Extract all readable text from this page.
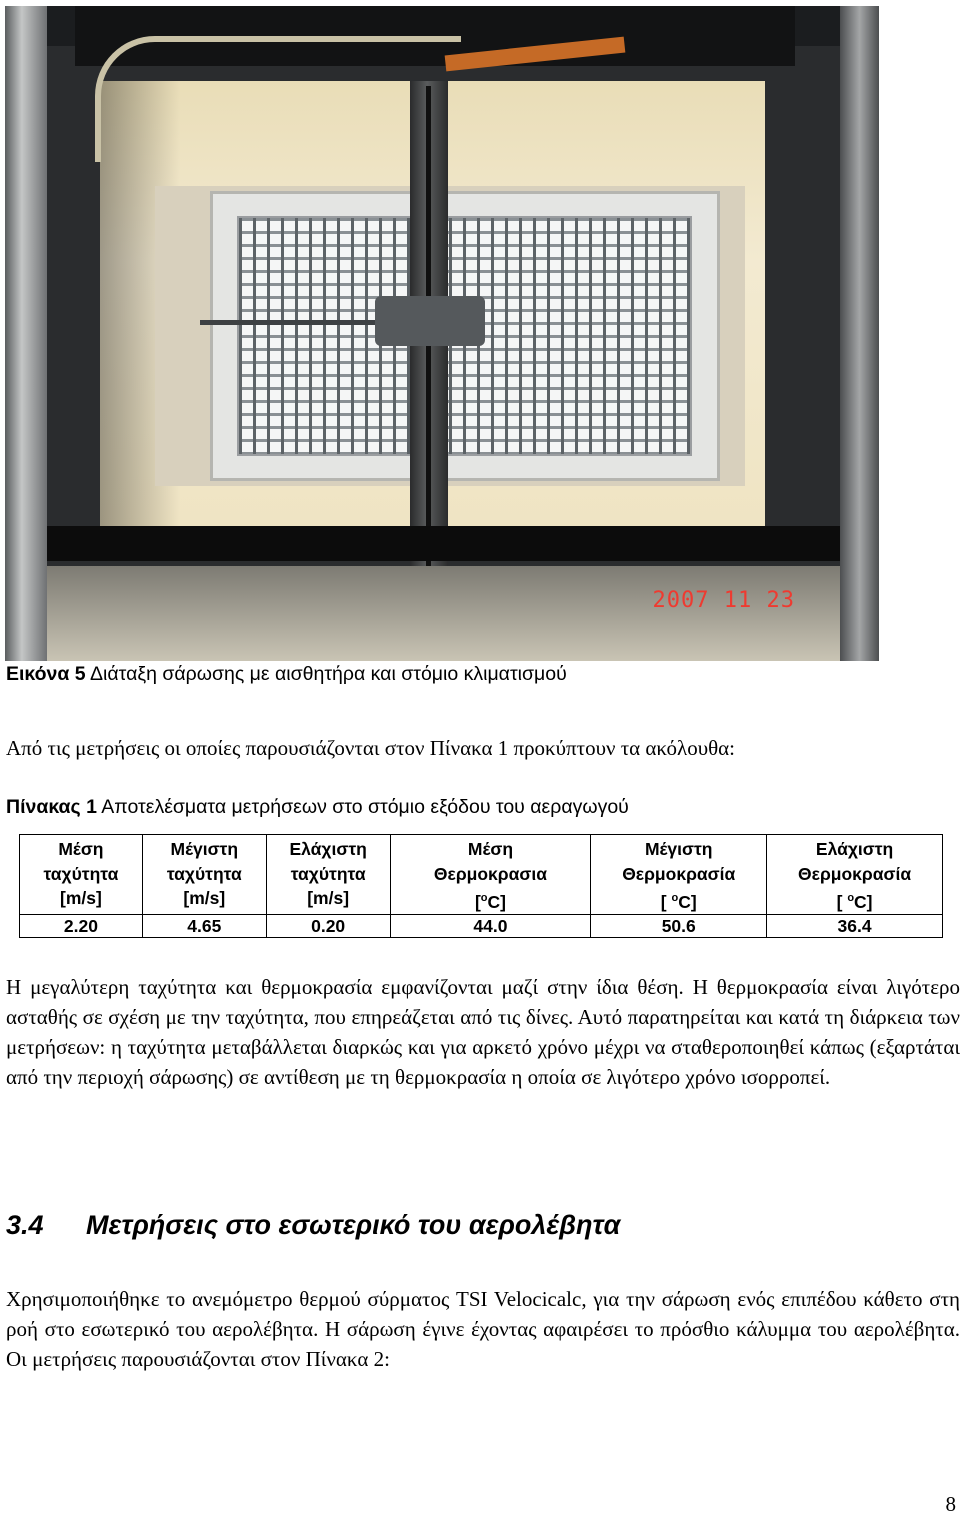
2007 11 23
Εικόνα 5 Διάταξη σάρωσης με αισθητήρα και στόμιο κλιματισμού
Από τις μετρήσεις οι οποίες παρουσιάζονται στον Πίνακα 1 προκύπτουν τα ακόλουθα:
Πίνακας 1 Αποτελέσματα μετρήσεων στο στόμιο εξόδου του αεραγωγού
Μέση
ταχύτητα
[m/s]	Μέγιστη
ταχύτητα
[m/s]	Ελάχιστη
ταχύτητα
[m/s]	Μέση
Θερμοκρασια
[$^o$C]	Μέγιστη
Θερμοκρασία
[ $^o$C]	Ελάχιστη
Θερμοκρασία
[ $^o$C]

2.20	4.65	0.20	44.0	50.6	36.4
Η μεγαλύτερη ταχύτητα και θερμοκρασία εμφανίζονται μαζί στην ίδια θέση. Η θερμοκρασία είναι λιγότερο ασταθής σε σχέση με την ταχύτητα, που επηρεάζεται από τις δίνες. Αυτό παρατηρείται και κατά τη διάρκεια των μετρήσεων: η ταχύτητα μεταβάλλεται διαρκώς και για αρκετό χρόνο μέχρι να σταθεροποιηθεί κάπως (εξαρτάται από την περιοχή σάρωσης) σε αντίθεση με τη θερμοκρασία η οποία σε λιγότερο χρόνο ισορροπεί.
3.4 Μετρήσεις στο εσωτερικό του αερολέβητα
Χρησιμοποιήθηκε το ανεμόμετρο θερμού σύρματος TSI Velocicalc, για την σάρωση ενός επιπέδου κάθετο στη ροή στο εσωτερικό του αερολέβητα. Η σάρωση έγινε έχοντας αφαιρέσει το πρόσθιο κάλυμμα του αερολέβητα. Οι μετρήσεις παρουσιάζονται στον Πίνακα 2:
8
